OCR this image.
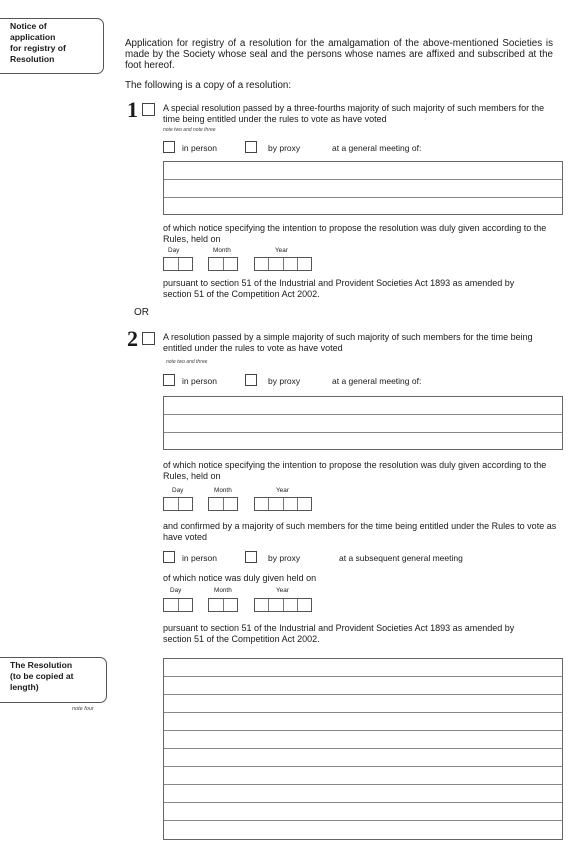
Notice of
application
for registry of
Resolution
The Resolution
(to be copied at
length)
note four
Application for registry of a resolution for the amalgamation of the above-mentioned Societies is made by the Society whose seal and the persons whose names are affixed and subscribed at the foot hereof.
The following is a copy of a resolution:
1	A special resolution passed by a three-fourths majority of such majority of such members for the time being entitled under the rules to vote as have voted
note two and note three
in person	by proxy	at a general meeting of:
of which notice specifying the intention to propose the resolution was duly given according to the Rules, held on
Day	Month	Year
pursuant to section 51 of the Industrial and Provident Societies Act 1893 as amended by section 51 of the Competition Act 2002.
OR
2	A resolution passed by a simple majority of such majority of such members for the time being entitled under the rules to vote as have voted
note two and three
in person	by proxy	at a general meeting of:
of which notice specifying the intention to propose the resolution was duly given according to the Rules, held on
Day	Month	Year
and confirmed by a majority of such members for the time being entitled under the Rules to vote as have voted
in person	by proxy	at a subsequent general meeting
of which notice was duly given held on
Day	Month	Year
pursuant to section 51 of the Industrial and Provident Societies Act 1893 as amended by section 51 of the Competition Act 2002.
